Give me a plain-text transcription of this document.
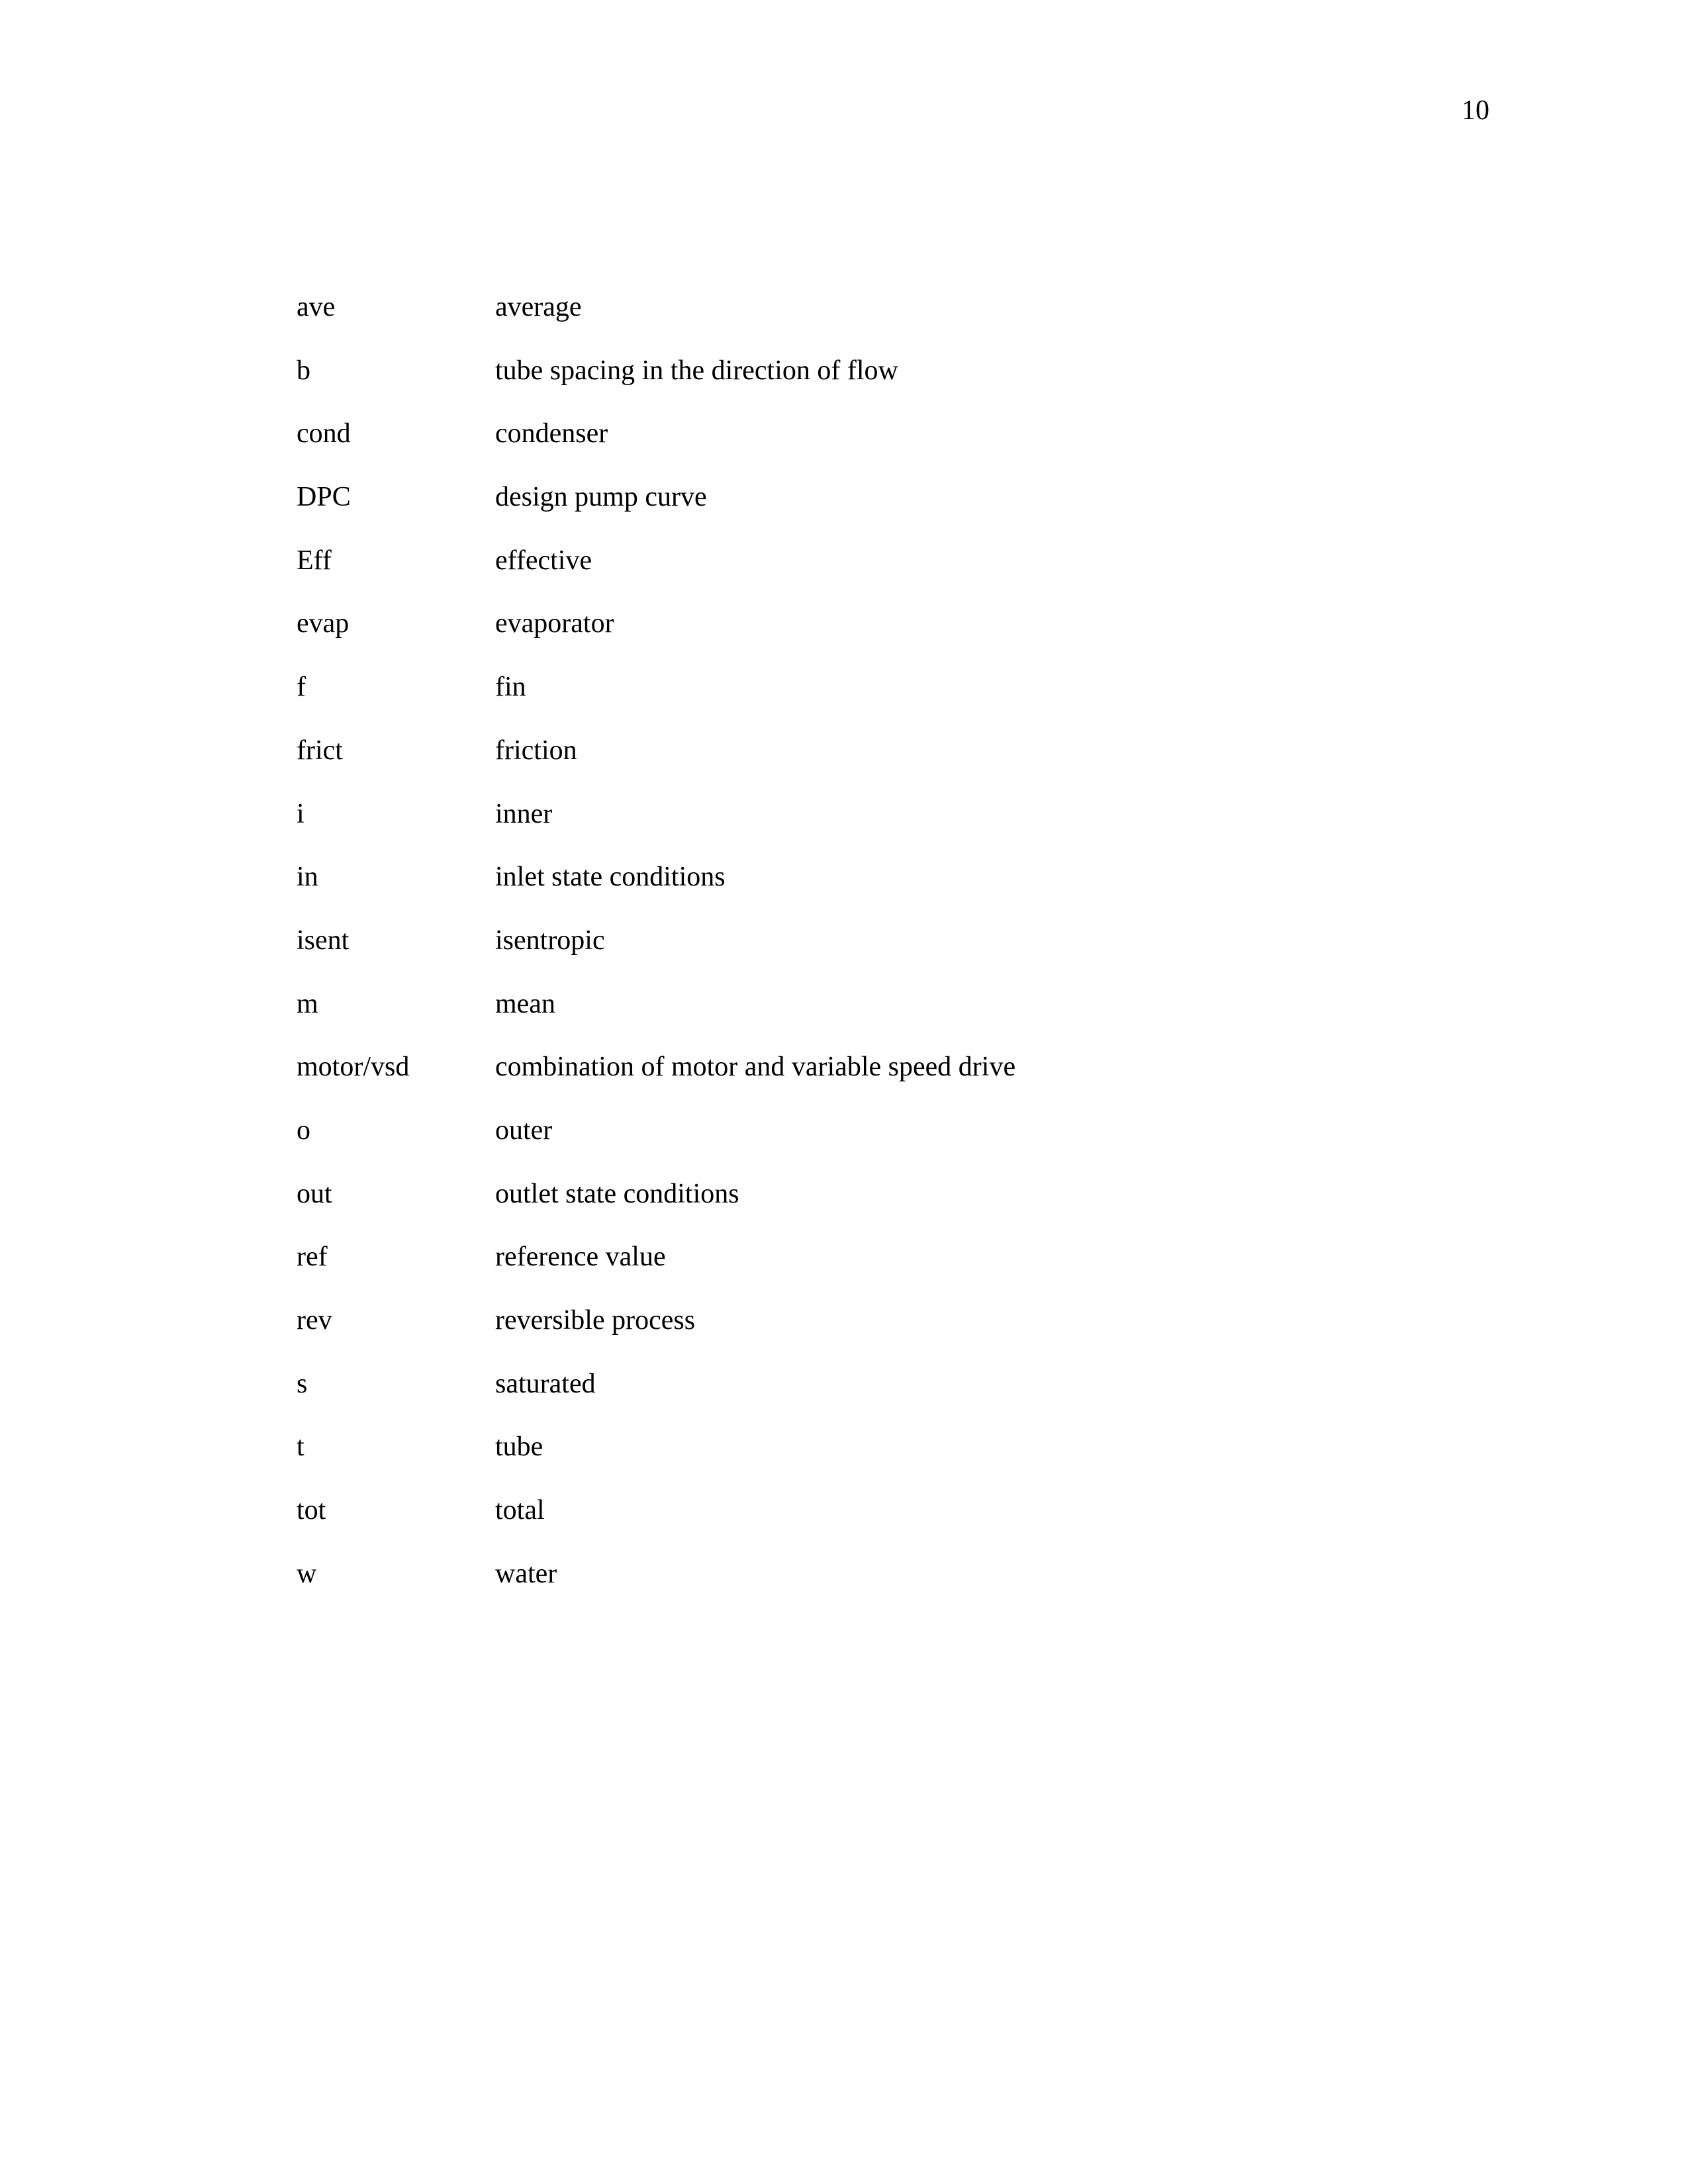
10
ave	average
b	tube spacing in the direction of flow
cond	condenser
DPC	design pump curve
Eff	effective
evap	evaporator
f	fin
frict	friction
i	inner
in	inlet state conditions
isent	isentropic
m	mean
motor/vsd	combination of motor and variable speed drive
o	outer
out	outlet state conditions
ref	reference value
rev	reversible process
s	saturated
t	tube
tot	total
w	water
